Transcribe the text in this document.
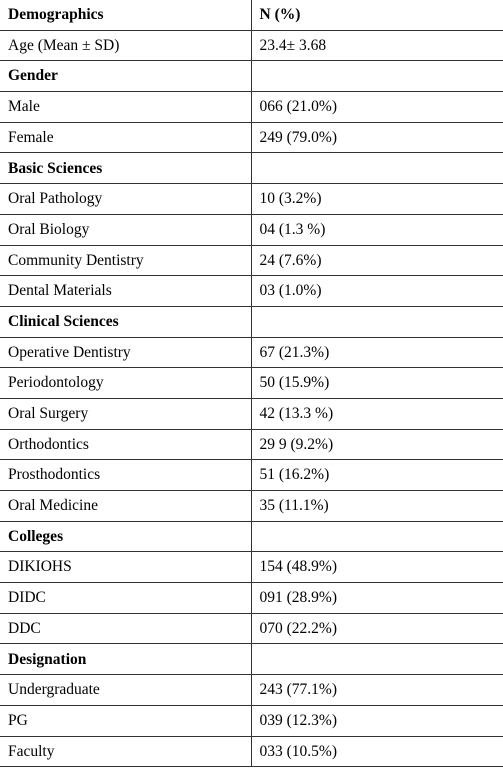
Demographics	N (%)
Age (Mean ± SD)	23.4± 3.68
Gender	
Male	066 (21.0%)
Female	249 (79.0%)
Basic Sciences	
Oral Pathology	10 (3.2%)
Oral Biology	04 (1.3 %)
Community Dentistry	24 (7.6%)
Dental Materials	03 (1.0%)
Clinical Sciences	
Operative Dentistry	67 (21.3%)
Periodontology	50 (15.9%)
Oral Surgery	42 (13.3 %)
Orthodontics	29 9 (9.2%)
Prosthodontics	51 (16.2%)
Oral Medicine	35 (11.1%)
Colleges	
DIKIOHS	154 (48.9%)
DIDC	091 (28.9%)
DDC	070 (22.2%)
Designation	
Undergraduate	243 (77.1%)
PG	039 (12.3%)
Faculty	033 (10.5%)
